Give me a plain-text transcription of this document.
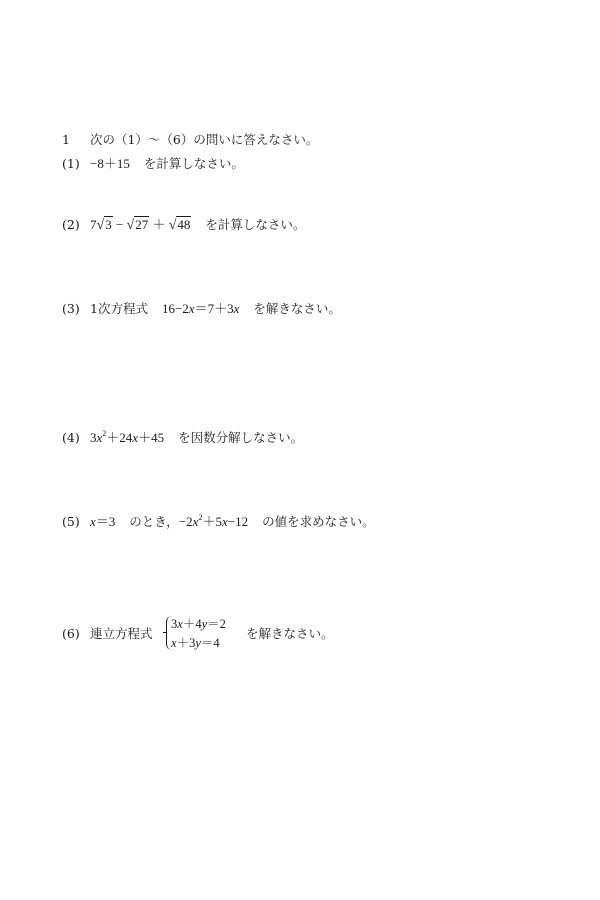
1 次の（1）～（6）の問いに答えなさい。
(1) −8＋15 を計算しなさい。
(2) 7√3 − √27 ＋ √48 を計算しなさい。
(3) 1次方程式 16−2x＝7＋3x を解きなさい。
(4) $3x^2+24x+45$ を因数分解しなさい。
(5) x＝3 のとき，$-2x^2+5x-12$ の値を求めなさい。
(6) 連立方程式
3x＋4y＝2
x＋3y＝4
を解きなさい。
